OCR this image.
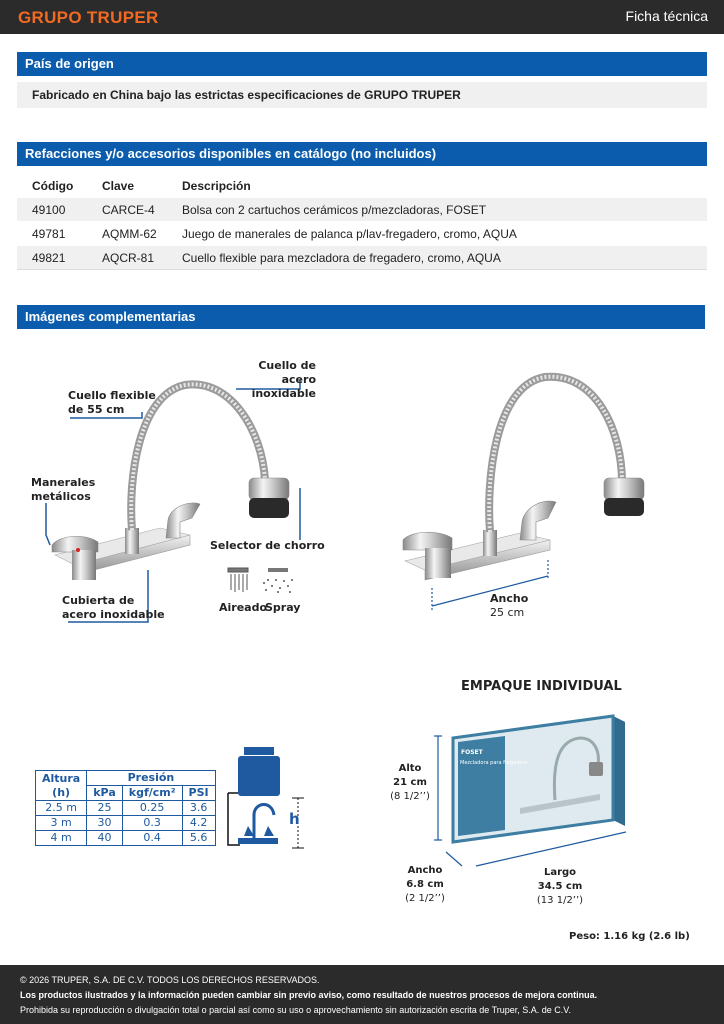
GRUPO TRUPER	Ficha técnica
País de origen
Fabricado en China bajo las estrictas especificaciones de GRUPO TRUPER
Refacciones y/o accesorios disponibles en catálogo (no incluidos)
Código	Clave	Descripción
49100	CARCE-4	Bolsa con 2 cartuchos cerámicos p/mezcladoras, FOSET
49781	AQMM-62	Juego de manerales de palanca p/lav-fregadero, cromo, AQUA
49821	AQCR-81	Cuello flexible para mezcladora de fregadero, cromo, AQUA
Imágenes complementarias
Cuello de
acero inoxidable
Cuello flexible
de 55 cm
Manerales
metálicos
Selector de chorro
Cubierta de
acero inoxidable
Aireado
Spray
Ancho
25 cm
Altura
(h)	Presión		
	kPa	kgf/cm²	PSI
2.5 m	25	0.25	3.6
3 m	30	0.3	4.2
4 m	40	0.4	5.6
h
EMPAQUE INDIVIDUAL
FOSET
Mezcladora para fregadero
Alto
21 cm
(8 1/2’’)
Ancho
6.8 cm
(2 1/2’’)
Largo
34.5 cm
(13 1/2’’)
Peso: 1.16 kg (2.6 lb)
© 2026 TRUPER, S.A. DE C.V. TODOS LOS DERECHOS RESERVADOS.
Los productos ilustrados y la información pueden cambiar sin previo aviso, como resultado de nuestros procesos de mejora continua.
Prohibida su reproducción o divulgación total o parcial así como su uso o aprovechamiento sin autorización escrita de Truper, S.A. de C.V.
